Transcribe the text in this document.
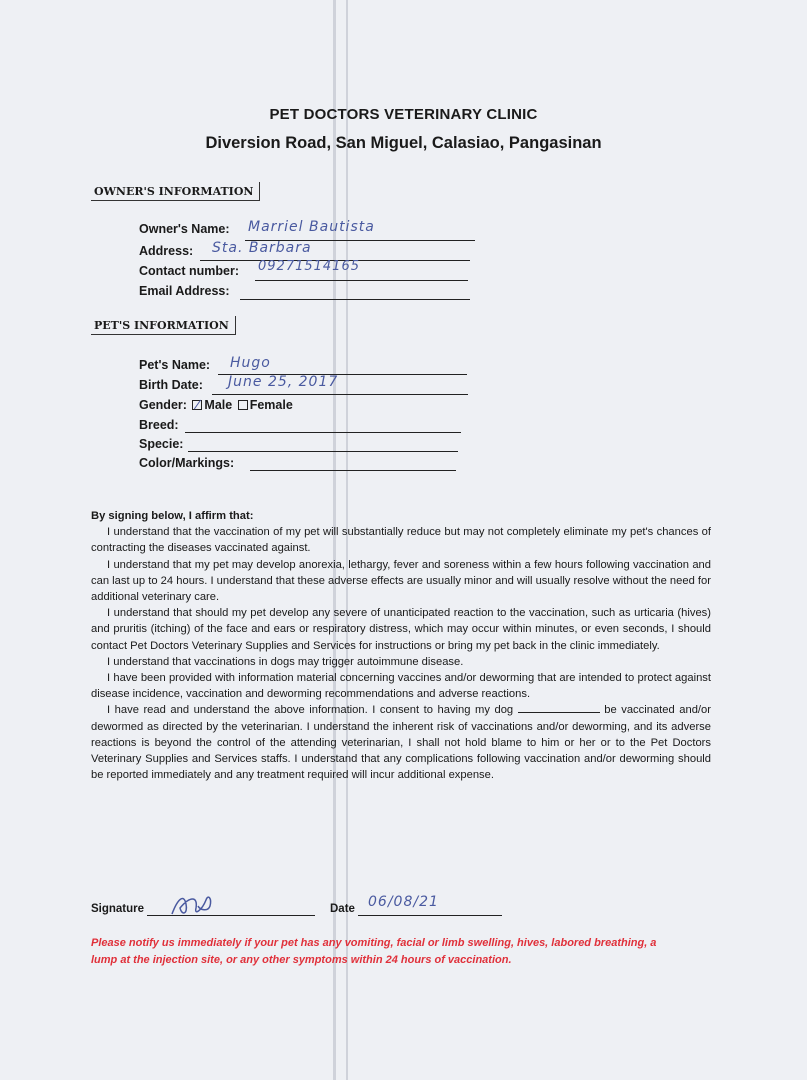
PET DOCTORS VETERINARY CLINIC
Diversion Road, San Miguel, Calasiao, Pangasinan
OWNER'S INFORMATION
Owner's Name: Marriel Bautista
Address: Sta. Barbara
Contact number: 09271514165
Email Address:
PET'S INFORMATION
Pet's Name: Hugo
Birth Date: June 25, 2017
Gender: Male Female
Breed:
Specie:
Color/Markings:

By signing below, I affirm that:

I understand that the vaccination of my pet will substantially reduce but may not completely eliminate my pet's chances of contracting the diseases vaccinated against.

I understand that my pet may develop anorexia, lethargy, fever and soreness within a few hours following vaccination and can last up to 24 hours. I understand that these adverse effects are usually minor and will usually resolve without the need for additional veterinary care.

I understand that should my pet develop any severe of unanticipated reaction to the vaccination, such as urticaria (hives) and pruritis (itching) of the face and ears or respiratory distress, which may occur within minutes, or even seconds, I should contact Pet Doctors Veterinary Supplies and Services for instructions or bring my pet back in the clinic immediately.

I understand that vaccinations in dogs may trigger autoimmune disease.

I have been provided with information material concerning vaccines and/or deworming that are intended to protect against disease incidence, vaccination and deworming recommendations and adverse reactions.

I have read and understand the above information. I consent to having my dog	be vaccinated and/or dewormed as directed by the veterinarian. I understand the inherent risk of vaccinations and/or deworming, and its adverse reactions is beyond the control of the attending veterinarian, I shall not hold blame to him or her or to the Pet Doctors Veterinary Supplies and Services staffs. I understand that any complications following vaccination and/or deworming should be reported immediately and any treatment required will incur additional expense.

Signature	Date 06/08/21
Please notify us immediately if your pet has any vomiting, facial or limb swelling, hives, labored breathing, a lump at the injection site, or any other symptoms within 24 hours of vaccination.
